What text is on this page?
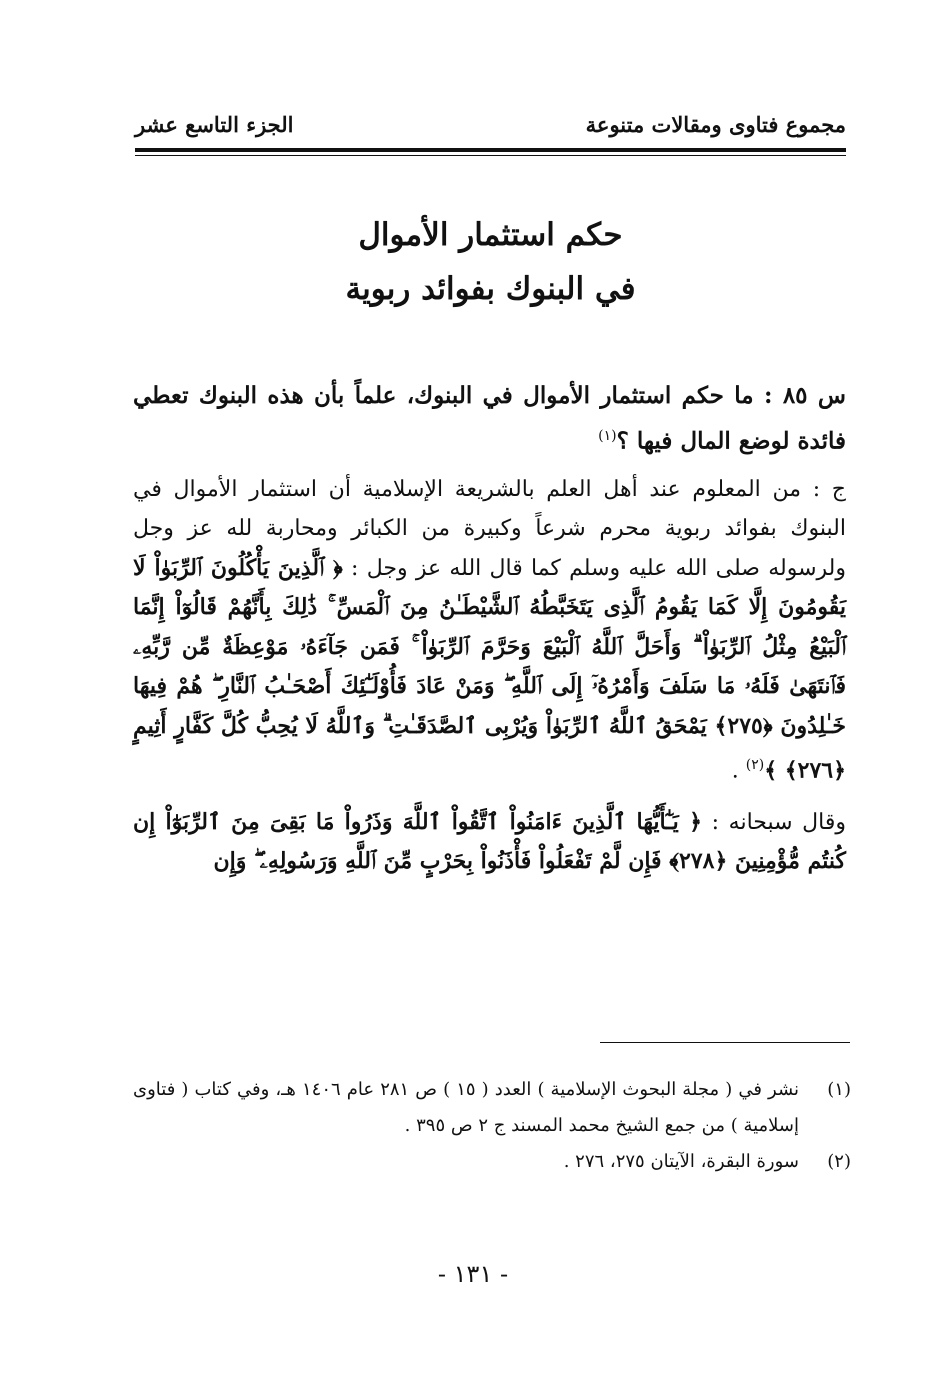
مجموع فتاوى ومقالات متنوعة
الجزء التاسع عشر
حكم استثمار الأموال
في البنوك بفوائد ربوية
س ٨٥ : ما حكم استثمار الأموال في البنوك، علماً بأن هذه البنوك تعطي فائدة لوضع المال فيها ؟$^{(١)}$

ج : من المعلوم عند أهل العلم بالشريعة الإسلامية أن استثمار الأموال في البنوك بفوائد ربوية محرم شرعاً وكبيرة من الكبائر ومحاربة لله عز وجل ولرسوله صلى الله عليه وسلم كما قال الله عز وجل : ﴿ ٱلَّذِينَ يَأْكُلُونَ ٱلرِّبَوٰاْ لَا يَقُومُونَ إِلَّا كَمَا يَقُومُ ٱلَّذِى يَتَخَبَّطُهُ ٱلشَّيْطَـٰنُ مِنَ ٱلْمَسِّ ۚ ذَٰلِكَ بِأَنَّهُمْ قَالُوٓاْ إِنَّمَا ٱلْبَيْعُ مِثْلُ ٱلرِّبَوٰاْ ۗ وَأَحَلَّ ٱللَّهُ ٱلْبَيْعَ وَحَرَّمَ ٱلرِّبَوٰاْ ۚ فَمَن جَآءَهُۥ مَوْعِظَةٌ مِّن رَّبِّهِۦ فَٱنتَهَىٰ فَلَهُۥ مَا سَلَفَ وَأَمْرُهُۥٓ إِلَى ٱللَّهِ ۖ وَمَنْ عَادَ فَأُوْلَـٰٓئِكَ أَصْحَـٰبُ ٱلنَّارِ ۖ هُمْ فِيهَا خَـٰلِدُونَ ﴿٢٧٥﴾ يَمْحَقُ ٱللَّهُ ٱلرِّبَوٰاْ وَيُرْبِى ٱلصَّدَقَـٰتِ ۗ وَٱللَّهُ لَا يُحِبُّ كُلَّ كَفَّارٍ أَثِيمٍ ﴿٢٧٦﴾ ﴾$^{(٢)}$ .

وقال سبحانه : ﴿ يَـٰٓأَيُّهَا ٱلَّذِينَ ءَامَنُواْ ٱتَّقُواْ ٱللَّهَ وَذَرُواْ مَا بَقِىَ مِنَ ٱلرِّبَوٰٓاْ إِن كُنتُم مُّؤْمِنِينَ ﴿٢٧٨﴾ فَإِن لَّمْ تَفْعَلُواْ فَأْذَنُواْ بِحَرْبٍ مِّنَ ٱللَّهِ وَرَسُولِهِۦ ۖ وَإِن

(١)
نشر في ( مجلة البحوث الإسلامية ) العدد ( ١٥ ) ص ٢٨١ عام ١٤٠٦ هـ، وفي كتاب ( فتاوى إسلامية ) من جمع الشيخ محمد المسند ج ٢ ص ٣٩٥ .
(٢)
سورة البقرة، الآيتان ٢٧٥، ٢٧٦ .
- ١٣١ -
